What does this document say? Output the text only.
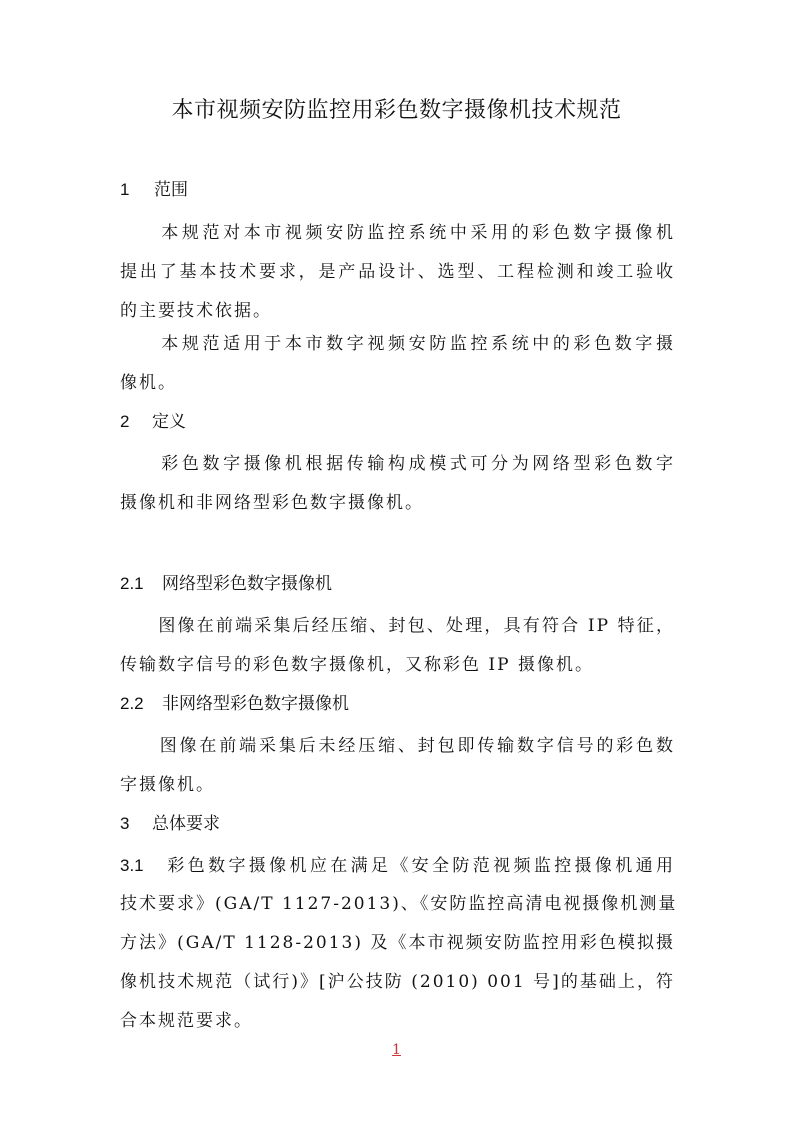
本市视频安防监控用彩色数字摄像机技术规范
1 范围
　　本规范对本市视频安防监控系统中采用的彩色数字摄像机
提出了基本技术要求，是产品设计、选型、工程检测和竣工验收
的主要技术依据。
　　本规范适用于本市数字视频安防监控系统中的彩色数字摄
像机。
2 定义
　　彩色数字摄像机根据传输构成模式可分为网络型彩色数字
摄像机和非网络型彩色数字摄像机。
2.1 网络型彩色数字摄像机
　　图像在前端采集后经压缩、封包、处理，具有符合 IP 特征，
传输数字信号的彩色数字摄像机，又称彩色 IP 摄像机。
2.2 非网络型彩色数字摄像机
　　图像在前端采集后未经压缩、封包即传输数字信号的彩色数
字摄像机。
3 总体要求
3.1 彩色数字摄像机应在满足《安全防范视频监控摄像机通用
技术要求》(GA/T 1127-2013)、《安防监控高清电视摄像机测量
方法》(GA/T 1128-2013) 及《本市视频安防监控用彩色模拟摄
像机技术规范（试行)》[沪公技防 (2010) 001 号]的基础上，符
合本规范要求。
1
